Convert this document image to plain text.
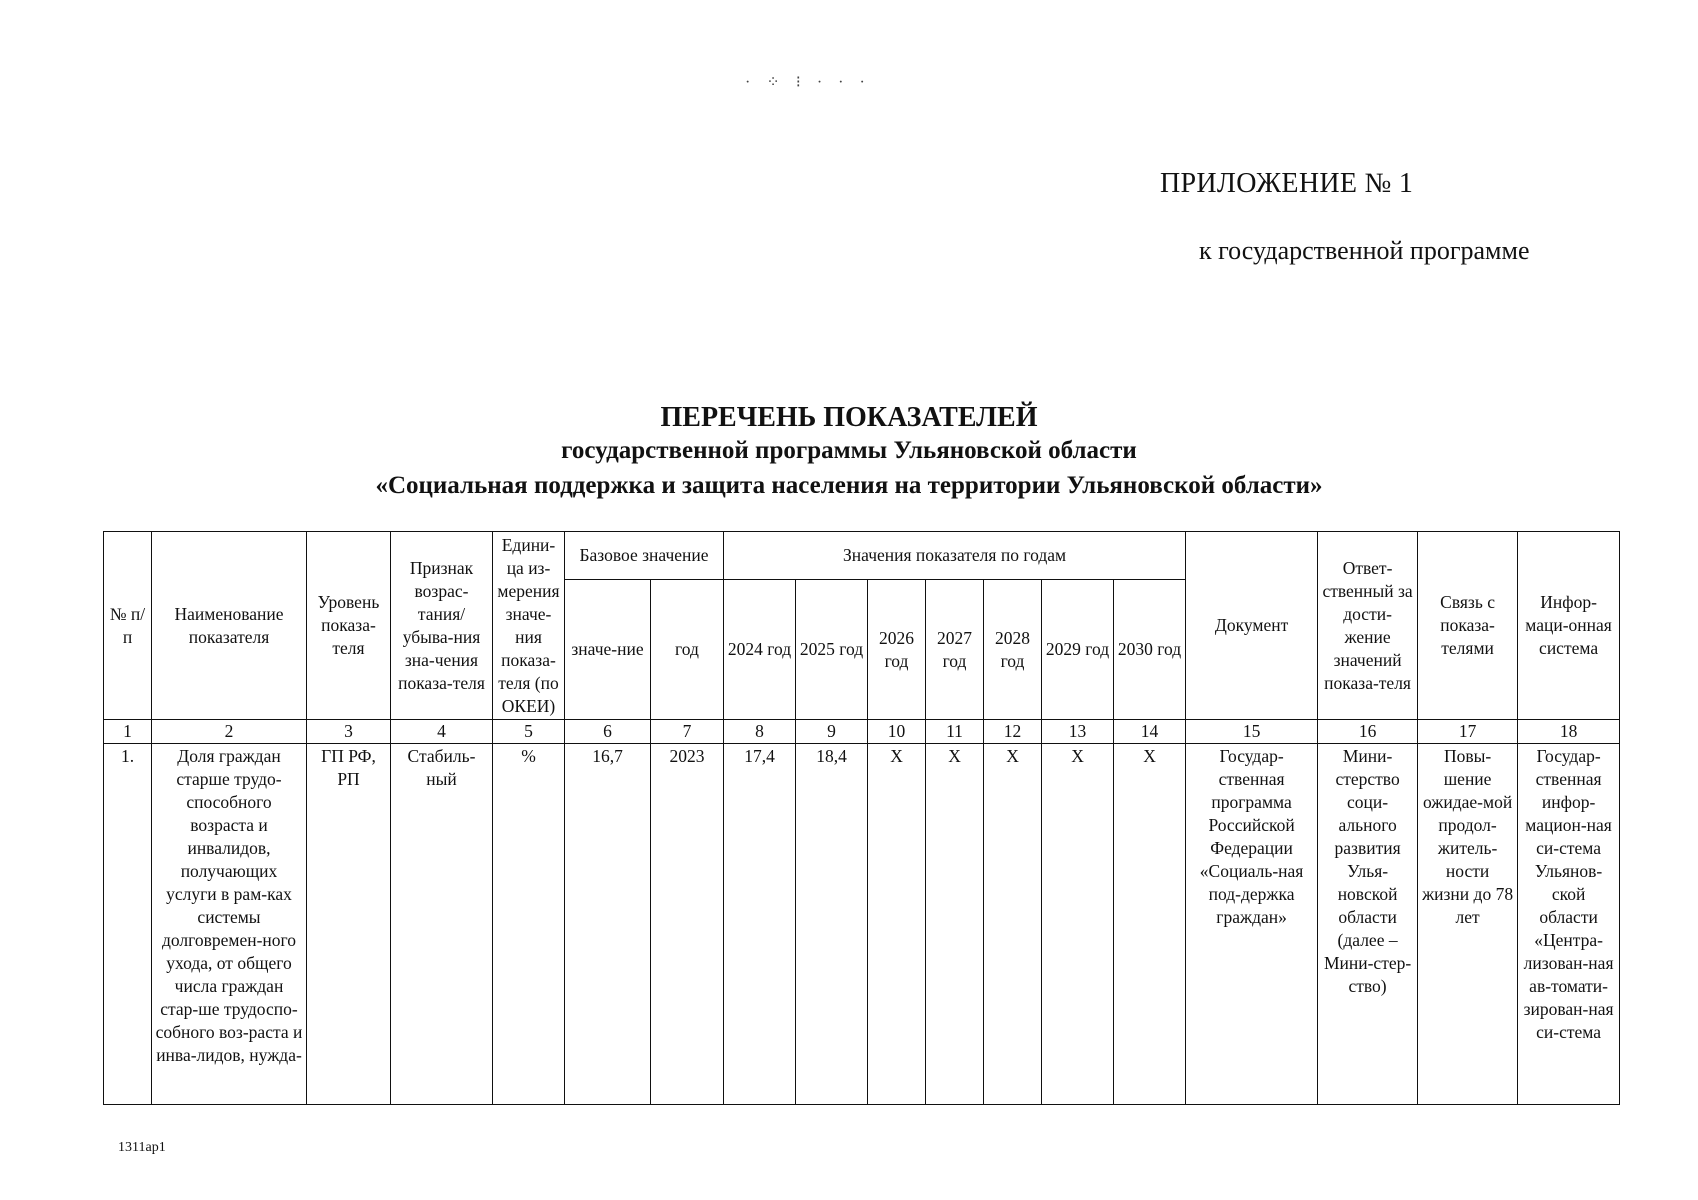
· ⁘ ⁝ · · ·
ПРИЛОЖЕНИЕ № 1
к государственной программе
ПЕРЕЧЕНЬ ПОКАЗАТЕЛЕЙ
государственной программы Ульяновской области
«Социальная поддержка и защита населения на территории Ульяновской области»
№ п/п	Наименование показателя	Уровень показа-теля	Признак возрас-тания/ убыва-ния зна-чения показа-теля	Едини-ца из-мерения значе-ния показа-теля (по ОКЕИ)	Базовое значение		Значения показателя по годам							Документ	Ответ-ственный за дости-жение значений показа-теля	Связь с показа-телями	Инфор-маци-онная система
					значе-ние	год	2024 год	2025 год	2026 год	2027 год	2028 год	2029 год	2030 год				
1	2	3	4	5	6	7	8	9	10	11	12	13	14	15	16	17	18
1.	Доля граждан старше трудо-способного возраста и инвалидов, получающих услуги в рам-ках системы долговремен-ного ухода, от общего числа граждан стар-ше трудоспо-собного воз-раста и инва-лидов, нужда-	ГП РФ, РП	Стабиль-ный	%	16,7	2023	17,4	18,4	X	X	X	X	X	Государ-ственная программа Российской Федерации «Социаль-ная под-держка граждан»	Мини-стерство соци-ального развития Улья-новской области (далее – Мини-стер-ство)	Повы-шение ожидае-мой продол-житель-ности жизни до 78 лет	Государ-ственная инфор-мацион-ная си-стема Ульянов-ской области «Центра-лизован-ная ав-томати-зирован-ная си-стема
1311ap1
